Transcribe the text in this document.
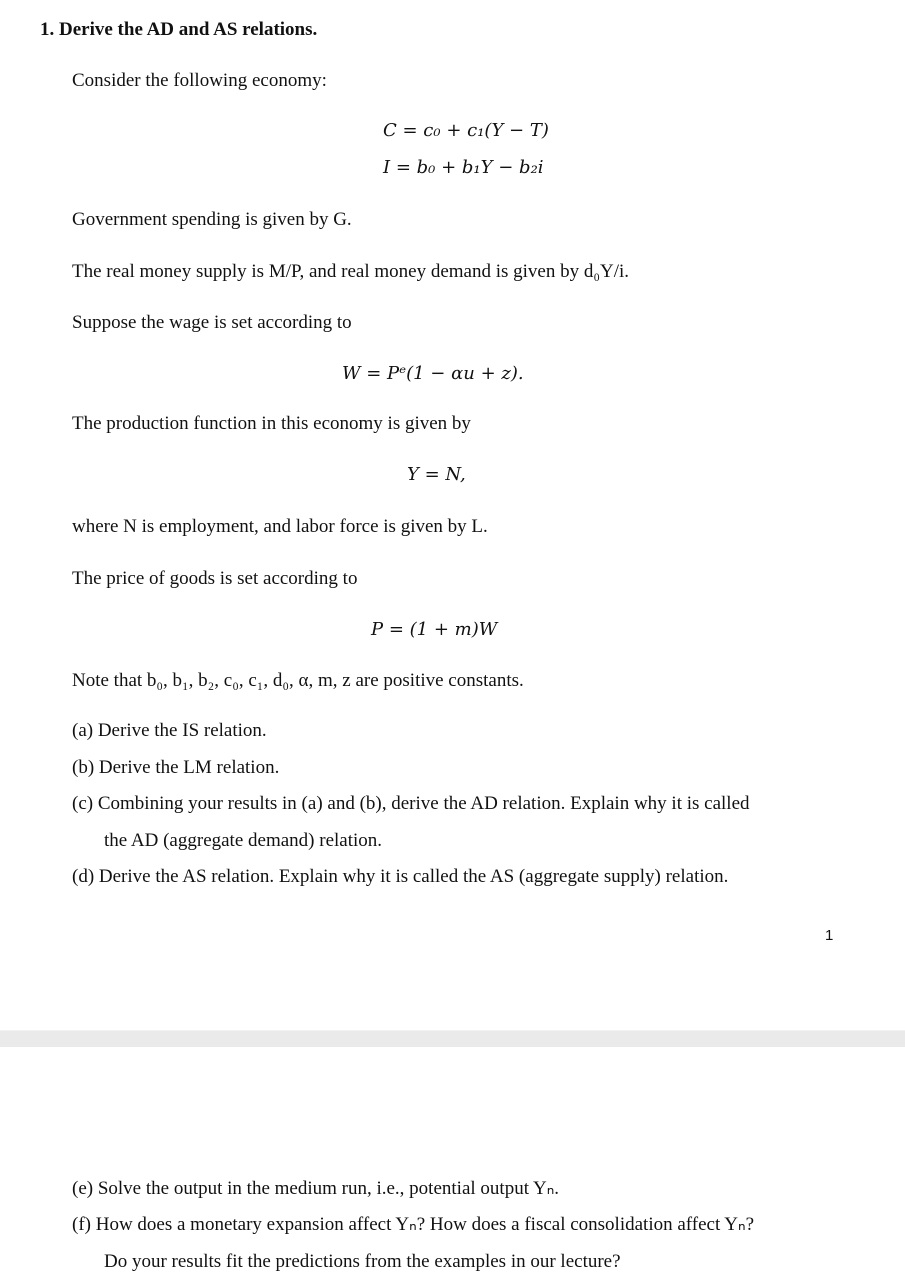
1. Derive the AD and AS relations.
Consider the following economy:
C = c₀ + c₁(Y − T)
I = b₀ + b₁Y − b₂i
Government spending is given by G.
The real money supply is M/P, and real money demand is given by d₀Y/i.
Suppose the wage is set according to
W = Pᵉ(1 − αu + z).
The production function in this economy is given by
Y = N,
where N is employment, and labor force is given by L.
The price of goods is set according to
P = (1 + m)W
Note that b₀, b₁, b₂, c₀, c₁, d₀, α, m, z are positive constants.
(a) Derive the IS relation.
(b) Derive the LM relation.
(c) Combining your results in (a) and (b), derive the AD relation. Explain why it is called
the AD (aggregate demand) relation.
(d) Derive the AS relation. Explain why it is called the AS (aggregate supply) relation.
1
(e) Solve the output in the medium run, i.e., potential output Yₙ.
(f) How does a monetary expansion affect Yₙ? How does a fiscal consolidation affect Yₙ?
Do your results fit the predictions from the examples in our lecture?
